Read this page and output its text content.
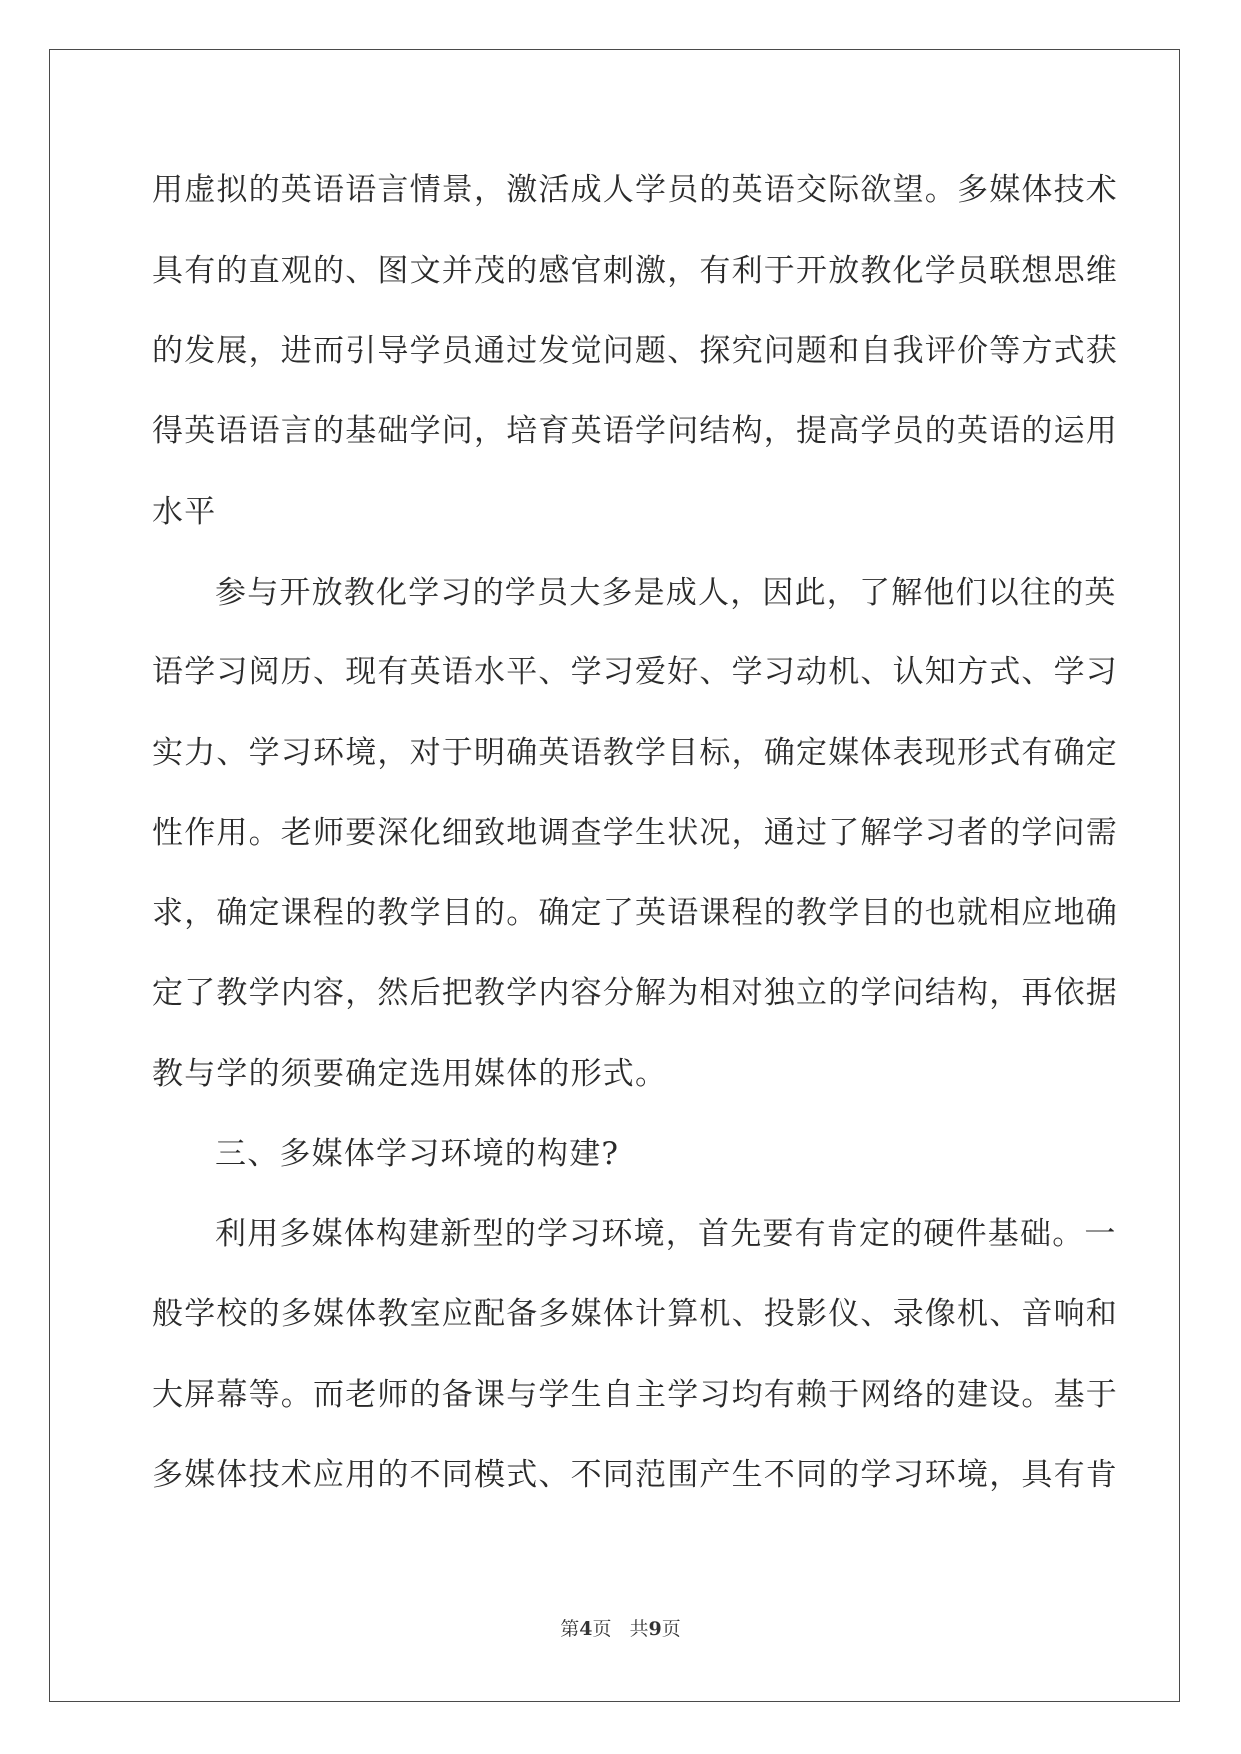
用虚拟的英语语言情景，激活成人学员的英语交际欲望。多媒体技术
具有的直观的、图文并茂的感官刺激，有利于开放教化学员联想思维
的发展，进而引导学员通过发觉问题、探究问题和自我评价等方式获
得英语语言的基础学问，培育英语学问结构，提高学员的英语的运用
水平
参与开放教化学习的学员大多是成人，因此，了解他们以往的英
语学习阅历、现有英语水平、学习爱好、学习动机、认知方式、学习
实力、学习环境，对于明确英语教学目标，确定媒体表现形式有确定
性作用。老师要深化细致地调查学生状况，通过了解学习者的学问需
求，确定课程的教学目的。确定了英语课程的教学目的也就相应地确
定了教学内容，然后把教学内容分解为相对独立的学问结构，再依据
教与学的须要确定选用媒体的形式。
三、多媒体学习环境的构建?
利用多媒体构建新型的学习环境，首先要有肯定的硬件基础。一
般学校的多媒体教室应配备多媒体计算机、投影仪、录像机、音响和
大屏幕等。而老师的备课与学生自主学习均有赖于网络的建设。基于
多媒体技术应用的不同模式、不同范围产生不同的学习环境，具有肯
第4页 共9页
